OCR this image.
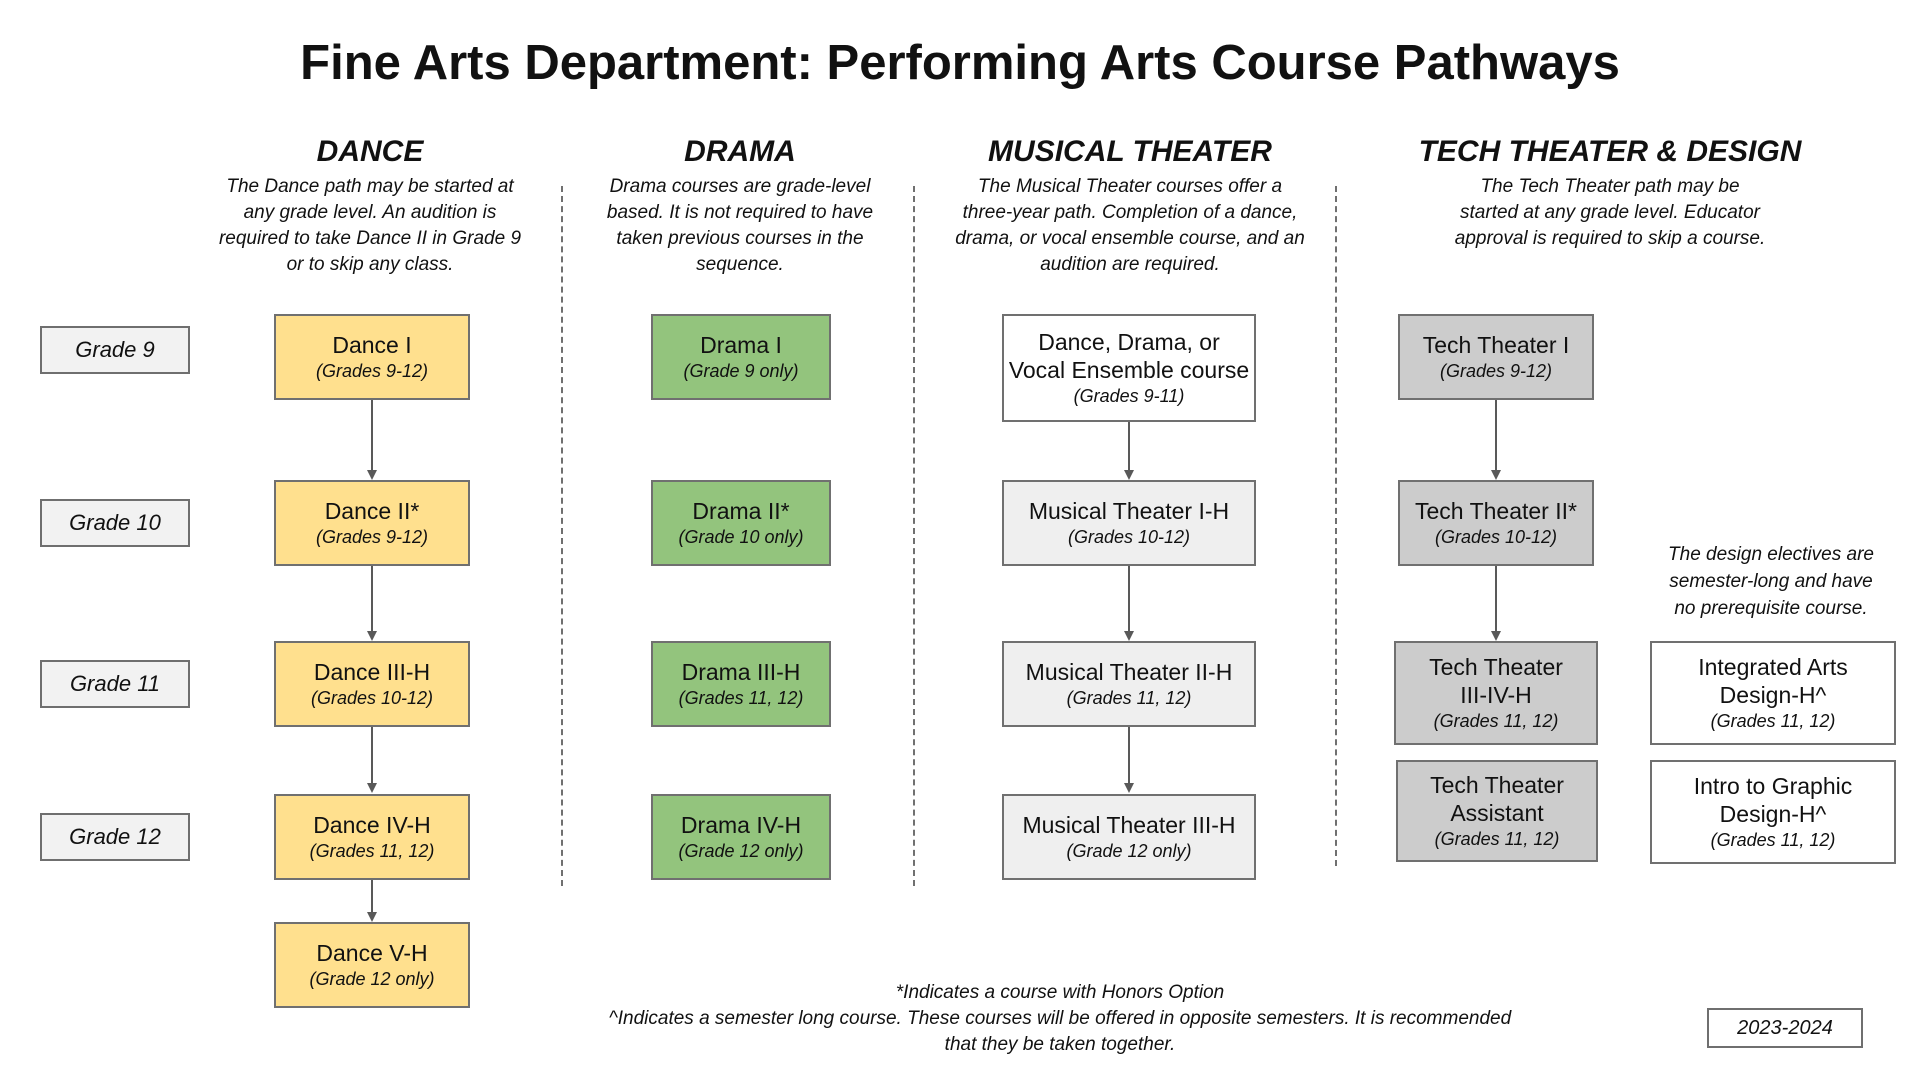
Fine Arts Department: Performing Arts Course Pathways
DANCE	DRAMA	MUSICAL THEATER	TECH THEATER & DESIGN
The Dance path may be started at
any grade level. An audition is
required to take Dance II in Grade 9
or to skip any class.
Drama courses are grade-level
based. It is not required to have
taken previous courses in the
sequence.
The Musical Theater courses offer a
three-year path. Completion of a dance,
drama, or vocal ensemble course, and an
audition are required.
The Tech Theater path may be
started at any grade level. Educator
approval is required to skip a course.
Grade 9
Grade 10
Grade 11
Grade 12
Dance I
(Grades 9-12)
Dance II*
(Grades 9-12)
Dance III-H
(Grades 10-12)
Dance IV-H
(Grades 11, 12)
Dance V-H
(Grade 12 only)
Drama I
(Grade 9 only)
Drama II*
(Grade 10 only)
Drama III-H
(Grades 11, 12)
Drama IV-H
(Grade 12 only)
Dance, Drama, or
Vocal Ensemble course
(Grades 9-11)
Musical Theater I-H
(Grades 10-12)
Musical Theater II-H
(Grades 11, 12)
Musical Theater III-H
(Grade 12 only)
Tech Theater I
(Grades 9-12)
Tech Theater II*
(Grades 10-12)
Tech Theater
III-IV-H
(Grades 11, 12)
Tech Theater
Assistant
(Grades 11, 12)
The design electives are
semester-long and have
no prerequisite course.
Integrated Arts
Design-H^
(Grades 11, 12)
Intro to Graphic
Design-H^
(Grades 11, 12)
*Indicates a course with Honors Option
^Indicates a semester long course. These courses will be offered in opposite semesters. It is recommended
that they be taken together.
2023-2024
